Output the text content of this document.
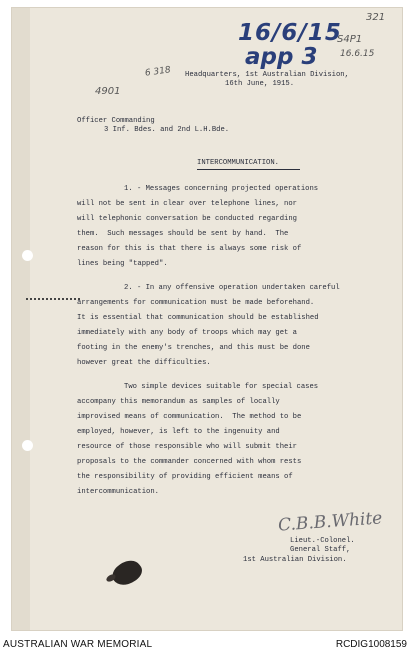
16/6/15
app 3
321
S4P1
16.6.15
6 318
4901
Headquarters, 1st Australian Division,
16th June, 1915.
Officer Commanding
3 Inf. Bdes. and 2nd L.H.Bde.
INTERCOMMUNICATION.
1. - Messages concerning projected operations
will not be sent in clear over telephone lines, nor
will telephonic conversation be conducted regarding
them.  Such messages should be sent by hand.  The
reason for this is that there is always some risk of
lines being "tapped".
2. - In any offensive operation undertaken careful
arrangements for communication must be made beforehand.
It is essential that communication should be established
immediately with any body of troops which may get a
footing in the enemy's trenches, and this must be done
however great the difficulties.
Two simple devices suitable for special cases
accompany this memorandum as samples of locally
improvised means of communication.  The method to be
employed, however, is left to the ingenuity and
resource of those responsible who will submit their
proposals to the commander concerned with whom rests
the responsibility of providing efficient means of
intercommunication.
C.B.B.White
Lieut.-Colonel.
General Staff,
1st Australian Division.
AUSTRALIAN WAR MEMORIAL	RCDIG1008159
